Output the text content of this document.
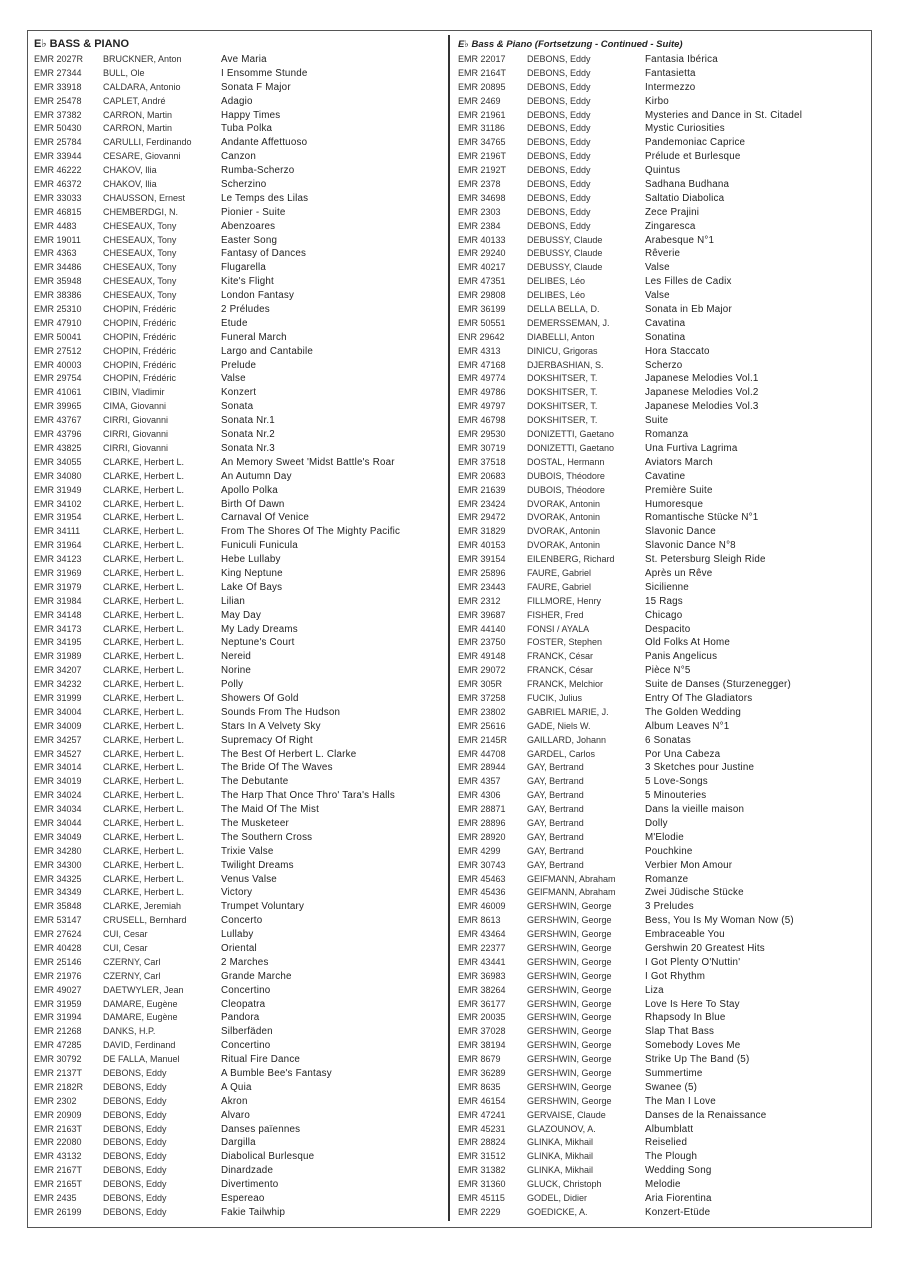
E♭ BASS & PIANO
EMR 2027R	BRUCKNER, Anton	Ave Maria
EMR 27344	BULL, Ole	I Ensomme Stunde
EMR 33918	CALDARA, Antonio	Sonata F Major
EMR 25478	CAPLET, André	Adagio
EMR 37382	CARRON, Martin	Happy Times
EMR 50430	CARRON, Martin	Tuba Polka
EMR 25784	CARULLI, Ferdinando	Andante Affettuoso
EMR 33944	CESARE, Giovanni	Canzon
EMR 46222	CHAKOV, Ilia	Rumba-Scherzo
EMR 46372	CHAKOV, Ilia	Scherzino
EMR 33033	CHAUSSON, Ernest	Le Temps des Lilas
EMR 46815	CHEMBERDGI, N.	Pionier - Suite
EMR 4483	CHESEAUX, Tony	Abenzoares
EMR 19011	CHESEAUX, Tony	Easter Song
EMR 4363	CHESEAUX, Tony	Fantasy of Dances
EMR 34486	CHESEAUX, Tony	Flugarella
EMR 35948	CHESEAUX, Tony	Kite's Flight
EMR 38386	CHESEAUX, Tony	London Fantasy
EMR 25310	CHOPIN, Frédéric	2 Préludes
EMR 47910	CHOPIN, Frédéric	Etude
EMR 50041	CHOPIN, Frédéric	Funeral March
EMR 27512	CHOPIN, Frédéric	Largo and Cantabile
EMR 40003	CHOPIN, Frédéric	Prelude
EMR 29754	CHOPIN, Frédéric	Valse
EMR 41061	CIBIN, Vladimir	Konzert
EMR 39965	CIMA, Giovanni	Sonata
EMR 43767	CIRRI, Giovanni	Sonata Nr.1
EMR 43796	CIRRI, Giovanni	Sonata Nr.2
EMR 43825	CIRRI, Giovanni	Sonata Nr.3
EMR 34055	CLARKE, Herbert L.	An Memory Sweet 'Midst Battle's Roar
EMR 34080	CLARKE, Herbert L.	An Autumn Day
EMR 31949	CLARKE, Herbert L.	Apollo Polka
EMR 34102	CLARKE, Herbert L.	Birth Of Dawn
EMR 31954	CLARKE, Herbert L.	Carnaval Of Venice
EMR 34111	CLARKE, Herbert L.	From The Shores Of The Mighty Pacific
EMR 31964	CLARKE, Herbert L.	Funiculi Funicula
EMR 34123	CLARKE, Herbert L.	Hebe Lullaby
EMR 31969	CLARKE, Herbert L.	King Neptune
EMR 31979	CLARKE, Herbert L.	Lake Of Bays
EMR 31984	CLARKE, Herbert L.	Lilian
EMR 34148	CLARKE, Herbert L.	May Day
EMR 34173	CLARKE, Herbert L.	My Lady Dreams
EMR 34195	CLARKE, Herbert L.	Neptune's Court
EMR 31989	CLARKE, Herbert L.	Nereid
EMR 34207	CLARKE, Herbert L.	Norine
EMR 34232	CLARKE, Herbert L.	Polly
EMR 31999	CLARKE, Herbert L.	Showers Of Gold
EMR 34004	CLARKE, Herbert L.	Sounds From The Hudson
EMR 34009	CLARKE, Herbert L.	Stars In A Velvety Sky
EMR 34257	CLARKE, Herbert L.	Supremacy Of Right
EMR 34527	CLARKE, Herbert L.	The Best Of Herbert L. Clarke
EMR 34014	CLARKE, Herbert L.	The Bride Of The Waves
EMR 34019	CLARKE, Herbert L.	The Debutante
EMR 34024	CLARKE, Herbert L.	The Harp That Once Thro' Tara's Halls
EMR 34034	CLARKE, Herbert L.	The Maid Of The Mist
EMR 34044	CLARKE, Herbert L.	The Musketeer
EMR 34049	CLARKE, Herbert L.	The Southern Cross
EMR 34280	CLARKE, Herbert L.	Trixie Valse
EMR 34300	CLARKE, Herbert L.	Twilight Dreams
EMR 34325	CLARKE, Herbert L.	Venus Valse
EMR 34349	CLARKE, Herbert L.	Victory
EMR 35848	CLARKE, Jeremiah	Trumpet Voluntary
EMR 53147	CRUSELL, Bernhard	Concerto
EMR 27624	CUI, Cesar	Lullaby
EMR 40428	CUI, Cesar	Oriental
EMR 25146	CZERNY, Carl	2 Marches
EMR 21976	CZERNY, Carl	Grande Marche
EMR 49027	DAETWYLER, Jean	Concertino
EMR 31959	DAMARE, Eugène	Cleopatra
EMR 31994	DAMARE, Eugène	Pandora
EMR 21268	DANKS, H.P.	Silberfäden
EMR 47285	DAVID, Ferdinand	Concertino
EMR 30792	DE FALLA, Manuel	Ritual Fire Dance
EMR 2137T	DEBONS, Eddy	A Bumble Bee's Fantasy
EMR 2182R	DEBONS, Eddy	A Quia
EMR 2302	DEBONS, Eddy	Akron
EMR 20909	DEBONS, Eddy	Alvaro
EMR 2163T	DEBONS, Eddy	Danses païennes
EMR 22080	DEBONS, Eddy	Dargilla
EMR 43132	DEBONS, Eddy	Diabolical Burlesque
EMR 2167T	DEBONS, Eddy	Dinardzade
EMR 2165T	DEBONS, Eddy	Divertimento
EMR 2435	DEBONS, Eddy	Espereao
EMR 26199	DEBONS, Eddy	Fakie Tailwhip
E♭ Bass & Piano (Fortsetzung - Continued - Suite)
EMR 22017	DEBONS, Eddy	Fantasia Ibérica
EMR 2164T	DEBONS, Eddy	Fantasietta
EMR 20895	DEBONS, Eddy	Intermezzo
EMR 2469	DEBONS, Eddy	Kirbo
EMR 21961	DEBONS, Eddy	Mysteries and Dance in St. Citadel
EMR 31186	DEBONS, Eddy	Mystic Curiosities
EMR 34765	DEBONS, Eddy	Pandemoniac Caprice
EMR 2196T	DEBONS, Eddy	Prélude et Burlesque
EMR 2192T	DEBONS, Eddy	Quintus
EMR 2378	DEBONS, Eddy	Sadhana Budhana
EMR 34698	DEBONS, Eddy	Saltatio Diabolica
EMR 2303	DEBONS, Eddy	Zece Prajini
EMR 2384	DEBONS, Eddy	Zingaresca
EMR 40133	DEBUSSY, Claude	Arabesque N°1
EMR 29240	DEBUSSY, Claude	Rêverie
EMR 40217	DEBUSSY, Claude	Valse
EMR 47351	DELIBES, Léo	Les Filles de Cadix
EMR 29808	DELIBES, Léo	Valse
EMR 36199	DELLA BELLA, D.	Sonata in Eb Major
EMR 50551	DEMERSSEMAN, J.	Cavatina
ENR 29642	DIABELLI, Anton	Sonatina
EMR 4313	DINICU, Grigoras	Hora Staccato
EMR 47168	DJERBASHIAN, S.	Scherzo
EMR 49774	DOKSHITSER, T.	Japanese Melodies Vol.1
EMR 49786	DOKSHITSER, T.	Japanese Melodies Vol.2
EMR 49797	DOKSHITSER, T.	Japanese Melodies Vol.3
EMR 46798	DOKSHITSER, T.	Suite
EMR 29530	DONIZETTI, Gaetano	Romanza
EMR 30719	DONIZETTI, Gaetano	Una Furtiva Lagrima
EMR 37518	DOSTAL, Hermann	Aviators March
EMR 20683	DUBOIS, Théodore	Cavatine
EMR 21639	DUBOIS, Théodore	Première Suite
EMR 23424	DVORAK, Antonin	Humoresque
EMR 29472	DVORAK, Antonin	Romantische Stücke N°1
EMR 31829	DVORAK, Antonin	Slavonic Dance
EMR 40153	DVORAK, Antonin	Slavonic Dance N°8
EMR 39154	EILENBERG, Richard	St. Petersburg Sleigh Ride
EMR 25896	FAURE, Gabriel	Après un Rêve
EMR 23443	FAURE, Gabriel	Sicilienne
EMR 2312	FILLMORE, Henry	15 Rags
EMR 39687	FISHER, Fred	Chicago
EMR 44140	FONSI / AYALA	Despacito
EMR 23750	FOSTER, Stephen	Old Folks At Home
EMR 49148	FRANCK, César	Panis Angelicus
EMR 29072	FRANCK, César	Pièce N°5
EMR 305R	FRANCK, Melchior	Suite de Danses (Sturzenegger)
EMR 37258	FUCIK, Julius	Entry Of The Gladiators
EMR 23802	GABRIEL MARIE, J.	The Golden Wedding
EMR 25616	GADE, Niels W.	Album Leaves N°1
EMR 2145R	GAILLARD, Johann	6 Sonatas
EMR 44708	GARDEL, Carlos	Por Una Cabeza
EMR 28944	GAY, Bertrand	3 Sketches pour Justine
EMR 4357	GAY, Bertrand	5 Love-Songs
EMR 4306	GAY, Bertrand	5 Minouteries
EMR 28871	GAY, Bertrand	Dans la vieille maison
EMR 28896	GAY, Bertrand	Dolly
EMR 28920	GAY, Bertrand	M'Elodie
EMR 4299	GAY, Bertrand	Pouchkine
EMR 30743	GAY, Bertrand	Verbier Mon Amour
EMR 45463	GEIFMANN, Abraham	Romanze
EMR 45436	GEIFMANN, Abraham	Zwei Jüdische Stücke
EMR 46009	GERSHWIN, George	3 Preludes
EMR 8613	GERSHWIN, George	Bess, You Is My Woman Now (5)
EMR 43464	GERSHWIN, George	Embraceable You
EMR 22377	GERSHWIN, George	Gershwin 20 Greatest Hits
EMR 43441	GERSHWIN, George	I Got Plenty O'Nuttin'
EMR 36983	GERSHWIN, George	I Got Rhythm
EMR 38264	GERSHWIN, George	Liza
EMR 36177	GERSHWIN, George	Love Is Here To Stay
EMR 20035	GERSHWIN, George	Rhapsody In Blue
EMR 37028	GERSHWIN, George	Slap That Bass
EMR 38194	GERSHWIN, George	Somebody Loves Me
EMR 8679	GERSHWIN, George	Strike Up The Band (5)
EMR 36289	GERSHWIN, George	Summertime
EMR 8635	GERSHWIN, George	Swanee (5)
EMR 46154	GERSHWIN, George	The Man I Love
EMR 47241	GERVAISE, Claude	Danses de la Renaissance
EMR 45231	GLAZOUNOV, A.	Albumblatt
EMR 28824	GLINKA, Mikhail	Reiselied
EMR 31512	GLINKA, Mikhail	The Plough
EMR 31382	GLINKA, Mikhail	Wedding Song
EMR 31360	GLUCK, Christoph	Melodie
EMR 45115	GODEL, Didier	Aria Fiorentina
EMR 2229	GOEDICKE, A.	Konzert-Etüde
